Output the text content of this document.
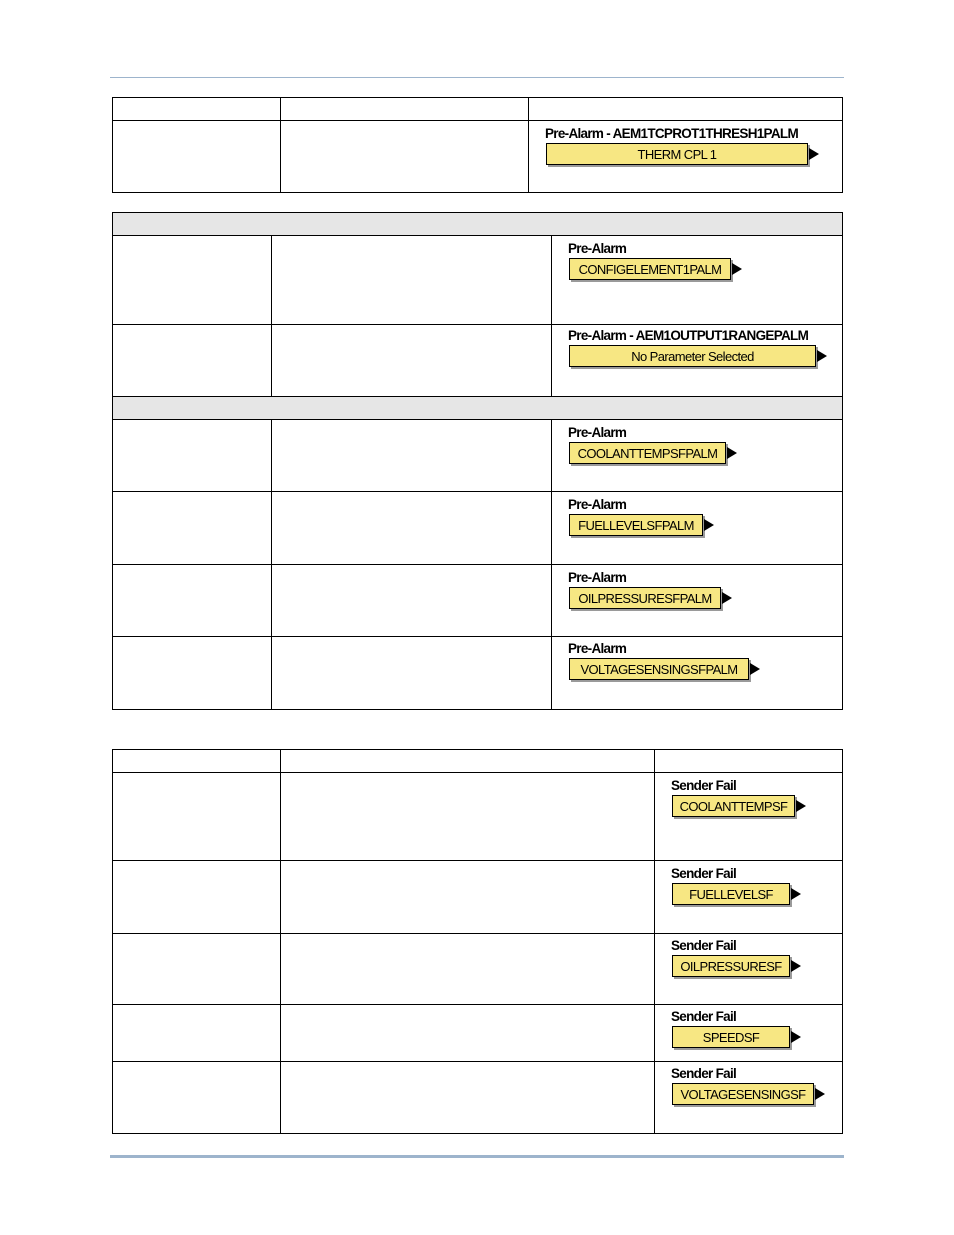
		Pre-Alarm - AEM1TCPROT1THRESH1PALM
THERM CPL 1

		Pre-Alarm
CONFIGELEMENT1PALM

		Pre-Alarm - AEM1OUTPUT1RANGEPALM
No Parameter Selected

		Pre-Alarm
COOLANTTEMPSFPALM

		Pre-Alarm
FUELLEVELSFPALM

		Pre-Alarm
OILPRESSURESFPALM

		Pre-Alarm
VOLTAGESENSINGSFPALM

		Sender Fail
COOLANTTEMPSF

		Sender Fail
FUELLEVELSF

		Sender Fail
OILPRESSURESF

		Sender Fail
SPEEDSF

		Sender Fail
VOLTAGESENSINGSF
